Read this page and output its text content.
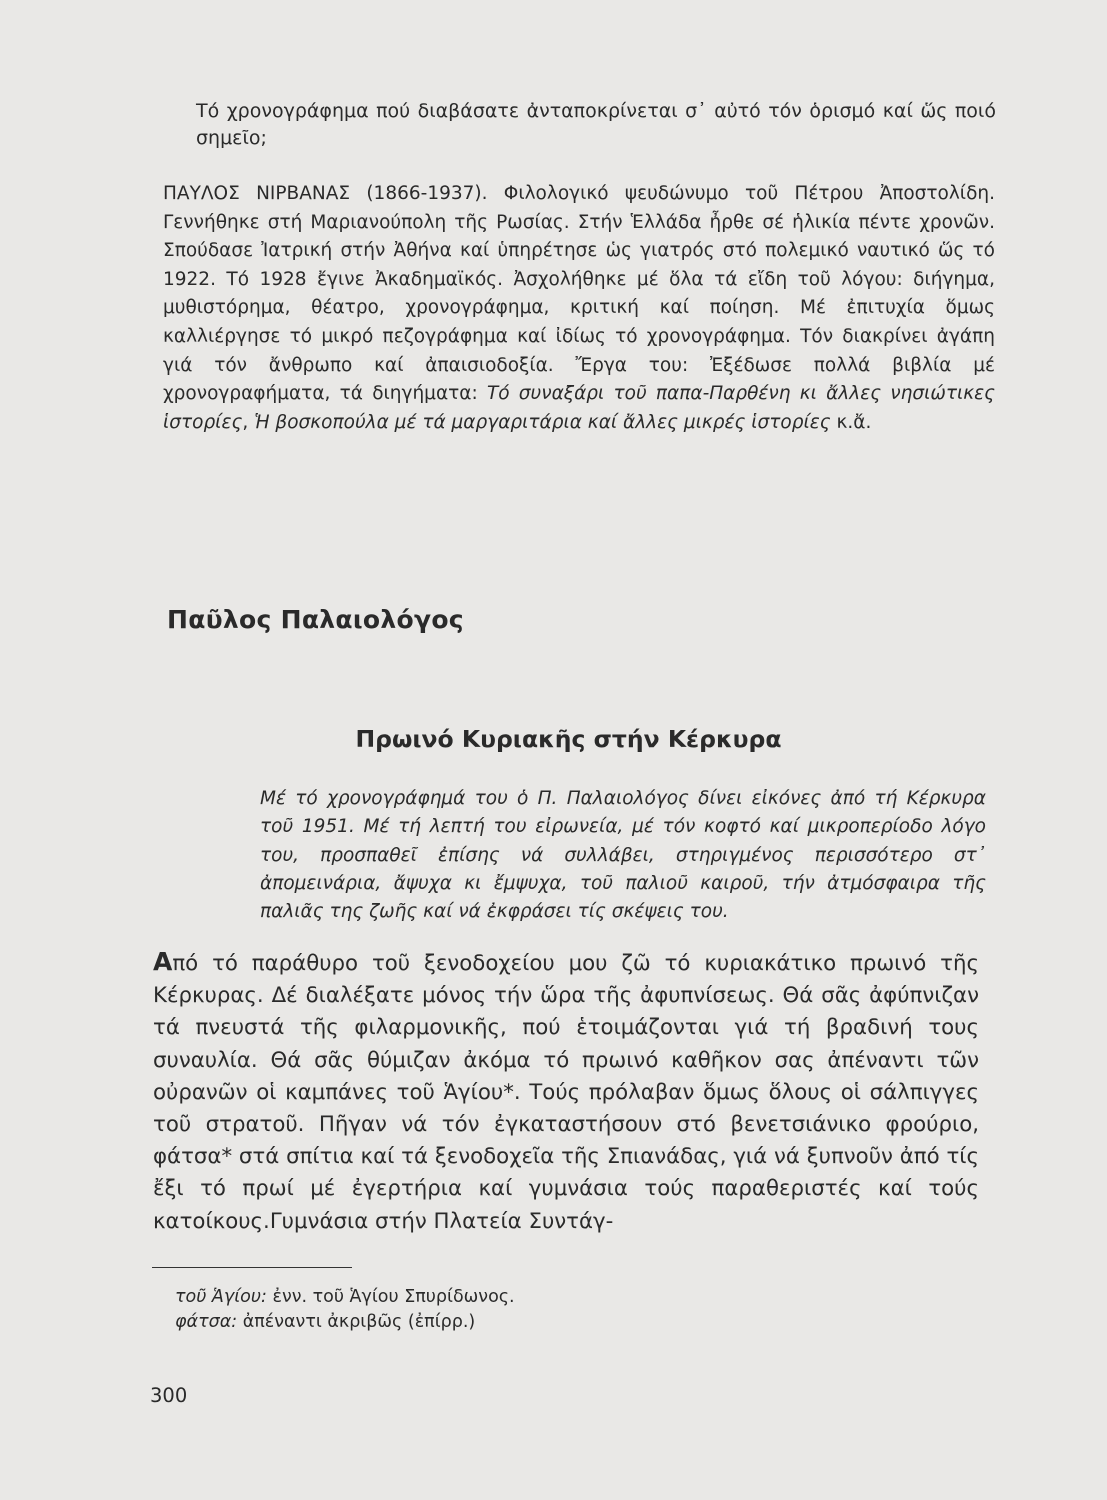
Τό χρονογράφημα πού διαβάσατε ἀνταποκρίνεται σ᾽ αὐτό τόν ὁρισμό καί ὥς ποιό σημεῖο;

ΠΑΥΛΟΣ ΝΙΡΒΑΝΑΣ (1866-1937). Φιλολογικό ψευδώνυμο τοῦ Πέτρου Ἀποστολίδη. Γεννήθηκε στή Μαριανούπολη τῆς Ρωσίας. Στήν Ἑλλάδα ἦρθε σέ ἡλικία πέντε χρονῶν. Σπούδασε Ἰατρική στήν Ἀθήνα καί ὑπηρέτησε ὡς γιατρός στό πολεμικό ναυτικό ὥς τό 1922. Τό 1928 ἔγινε Ἀκαδημαϊκός. Ἀσχολήθηκε μέ ὅλα τά εἴδη τοῦ λόγου: διήγημα, μυθιστόρημα, θέατρο, χρονογράφημα, κριτική καί ποίηση. Μέ ἐπιτυχία ὅμως καλλιέργησε τό μικρό πεζογράφημα καί ἰδίως τό χρονογράφημα. Τόν διακρίνει ἀγάπη γιά τόν ἄνθρωπο καί ἀπαισιοδοξία. Ἔργα του: Ἐξέδωσε πολλά βιβλία μέ χρονογραφήματα, τά διηγήματα: Τό συναξάρι τοῦ παπα-Παρθένη κι ἄλλες νησιώτικες ἱστορίες, Ἡ βοσκοπούλα μέ τά μαργαριτάρια καί ἄλλες μικρές ἱστορίες κ.ἄ.

Παῦλος Παλαιολόγος
Πρωινό Κυριακῆς στήν Κέρκυρα

Μέ τό χρονογράφημά του ὁ Π. Παλαιολόγος δίνει εἰκόνες ἀπό τή Κέρκυρα τοῦ 1951. Μέ τή λεπτή του εἰρωνεία, μέ τόν κοφτό καί μικροπερίοδο λόγο του, προσπαθεῖ ἐπίσης νά συλλάβει, στηριγμένος περισσότερο στ᾽ ἀπομεινάρια, ἄψυχα κι ἔμψυχα, τοῦ παλιοῦ καιροῦ, τήν ἀτμόσφαιρα τῆς παλιᾶς της ζωῆς καί νά ἐκφράσει τίς σκέψεις του.

Από τό παράθυρο τοῦ ξενοδοχείου μου ζῶ τό κυριακάτικο πρωινό τῆς Κέρκυρας. Δέ διαλέξατε μόνος τήν ὥρα τῆς ἀφυπνίσεως. Θά σᾶς ἀφύπνιζαν τά πνευστά τῆς φιλαρμονικῆς, πού ἑτοιμάζονται γιά τή βραδινή τους συναυλία. Θά σᾶς θύμιζαν ἀκόμα τό πρωινό καθῆκον σας ἀπέναντι τῶν οὐρανῶν οἱ καμπάνες τοῦ Ἁγίου*. Τούς πρόλαβαν ὅμως ὅλους οἱ σάλπιγγες τοῦ στρατοῦ. Πῆγαν νά τόν ἐγκαταστήσουν στό βενετσιάνικο φρούριο, φάτσα* στά σπίτια καί τά ξενοδοχεῖα τῆς Σπιανάδας, γιά νά ξυπνοῦν ἀπό τίς ἔξι τό πρωί μέ ἐγερτήρια καί γυμνάσια τούς παραθεριστές καί τούς κατοίκους.Γυμνάσια στήν Πλατεία Συντάγ-

τοῦ Ἁγίου: ἐνν. τοῦ Ἁγίου Σπυρίδωνος.
φάτσα: ἀπέναντι ἀκριβῶς (ἐπίρρ.)
300
